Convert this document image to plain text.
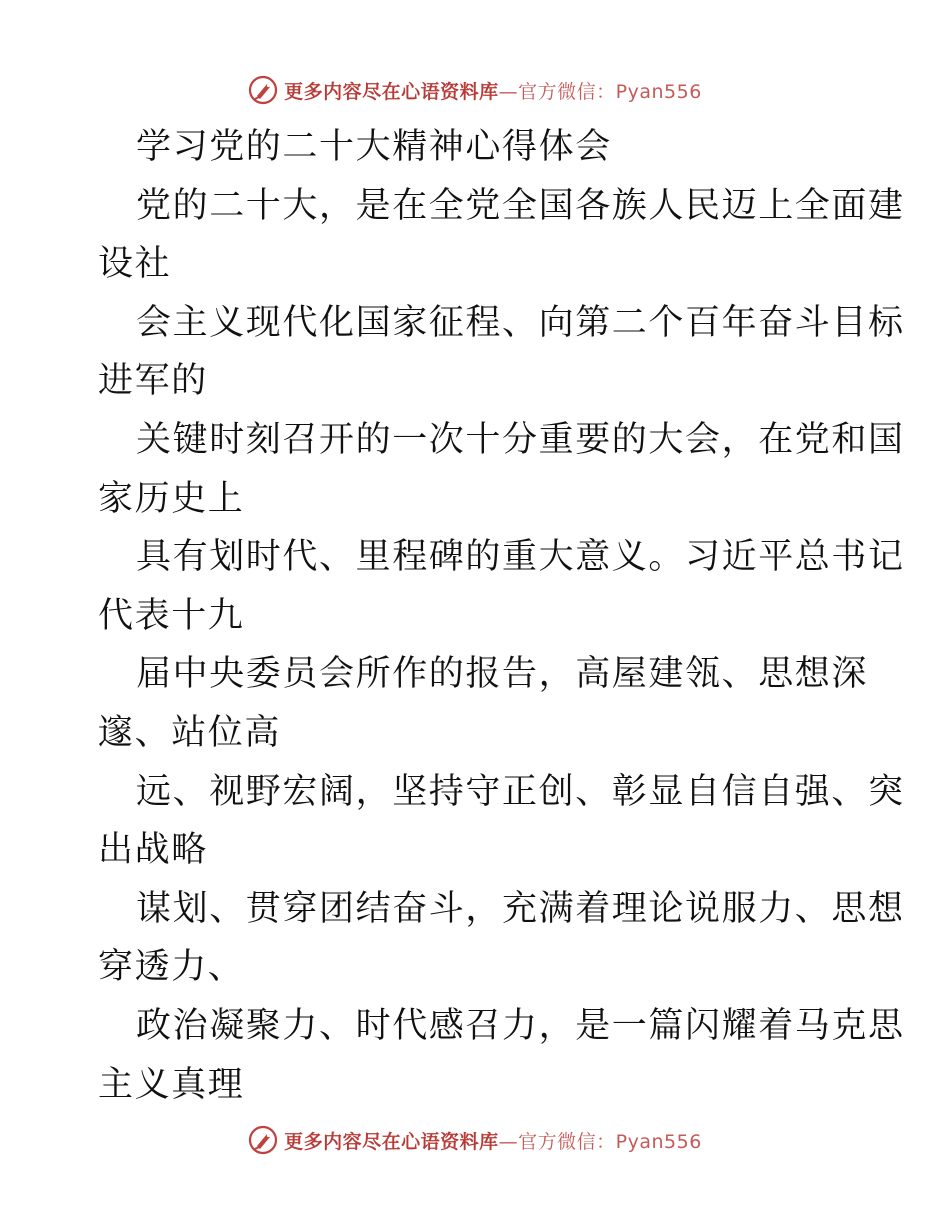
更多内容尽在心语资料库—官方微信：Pyan556
学习党的二十大精神心得体会
党的二十大，是在全党全国各族人民迈上全面建
设社
会主义现代化国家征程、向第二个百年奋斗目标
进军的
关键时刻召开的一次十分重要的大会，在党和国
家历史上
具有划时代、里程碑的重大意义。习近平总书记
代表十九
届中央委员会所作的报告，高屋建瓴、思想深
邃、站位高
远、视野宏阔，坚持守正创、彰显自信自强、突
出战略
谋划、贯穿团结奋斗，充满着理论说服力、思想
穿透力、
政治凝聚力、时代感召力，是一篇闪耀着马克思
主义真理
更多内容尽在心语资料库—官方微信：Pyan556
